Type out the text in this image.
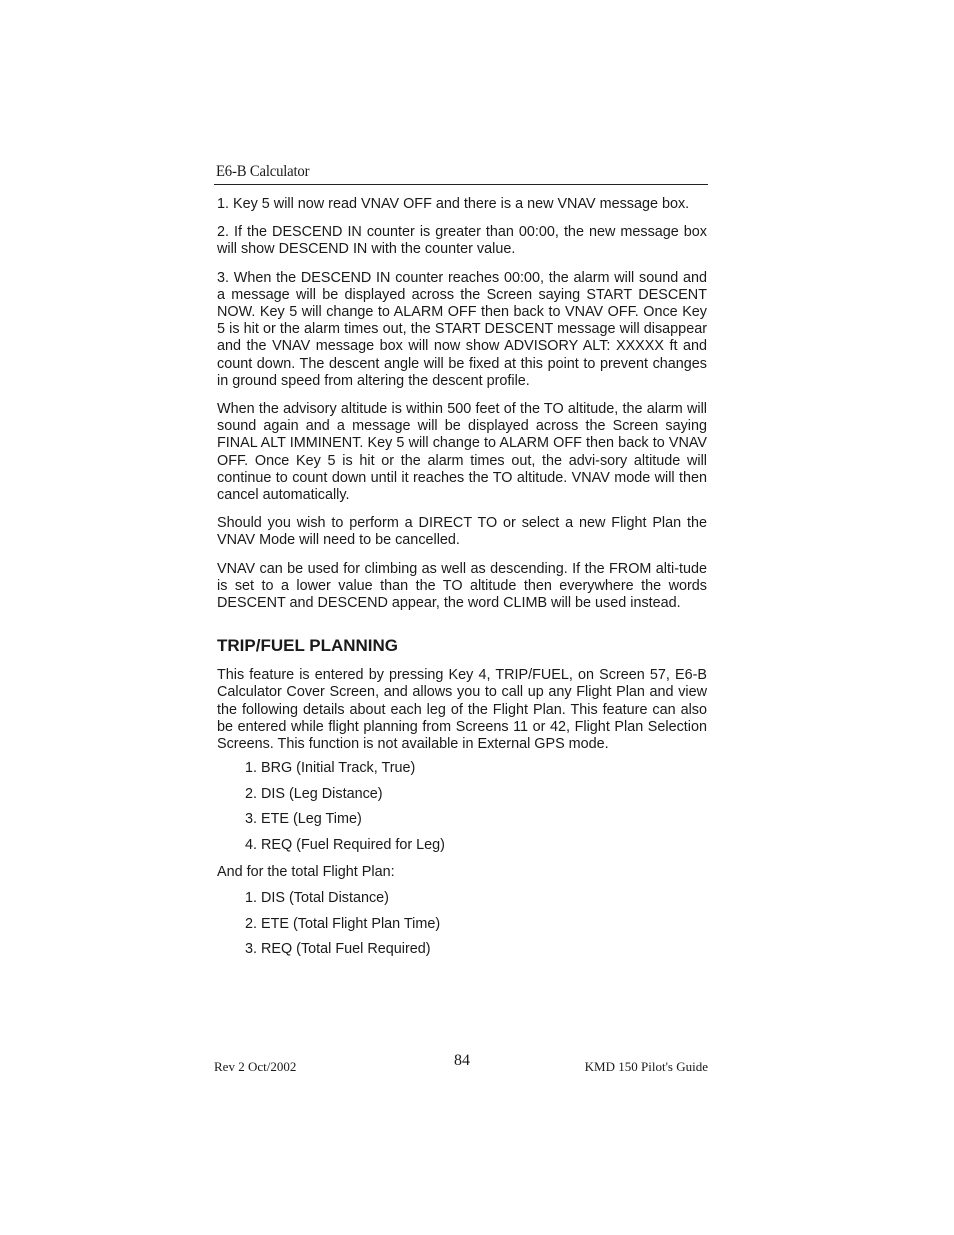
E6-B Calculator

1. Key 5 will now read VNAV OFF and there is a new VNAV message box.

2. If the DESCEND IN counter is greater than 00:00, the new message box will show DESCEND IN with the counter value.

3. When the DESCEND IN counter reaches 00:00, the alarm will sound and a message will be displayed across the Screen saying START DESCENT NOW. Key 5 will change to ALARM OFF then back to VNAV OFF. Once Key 5 is hit or the alarm times out, the START DESCENT message will disappear and the VNAV message box will now show ADVISORY ALT: XXXXX ft and count down. The descent angle will be fixed at this point to prevent changes in ground speed from altering the descent profile.

When the advisory altitude is within 500 feet of the TO altitude, the alarm will sound again and a message will be displayed across the Screen saying FINAL ALT IMMINENT. Key 5 will change to ALARM OFF then back to VNAV OFF. Once Key 5 is hit or the alarm times out, the advi-sory altitude will continue to count down until it reaches the TO altitude. VNAV mode will then cancel automatically.

Should you wish to perform a DIRECT TO or select a new Flight Plan the VNAV Mode will need to be cancelled.

VNAV can be used for climbing as well as descending. If the FROM alti-tude is set to a lower value than the TO altitude then everywhere the words DESCENT and DESCEND appear, the word CLIMB will be used instead.

TRIP/FUEL PLANNING

This feature is entered by pressing Key 4, TRIP/FUEL, on Screen 57, E6-B Calculator Cover Screen, and allows you to call up any Flight Plan and view the following details about each leg of the Flight Plan. This feature can also be entered while flight planning from Screens 11 or 42, Flight Plan Selection Screens. This function is not available in External GPS mode.

1. BRG (Initial Track, True)
2. DIS (Leg Distance)
3. ETE (Leg Time)
4. REQ (Fuel Required for Leg)

And for the total Flight Plan:

1. DIS (Total Distance)
2. ETE (Total Flight Plan Time)
3. REQ (Total Fuel Required)
Rev 2 Oct/2002	84	KMD 150 Pilot's Guide
